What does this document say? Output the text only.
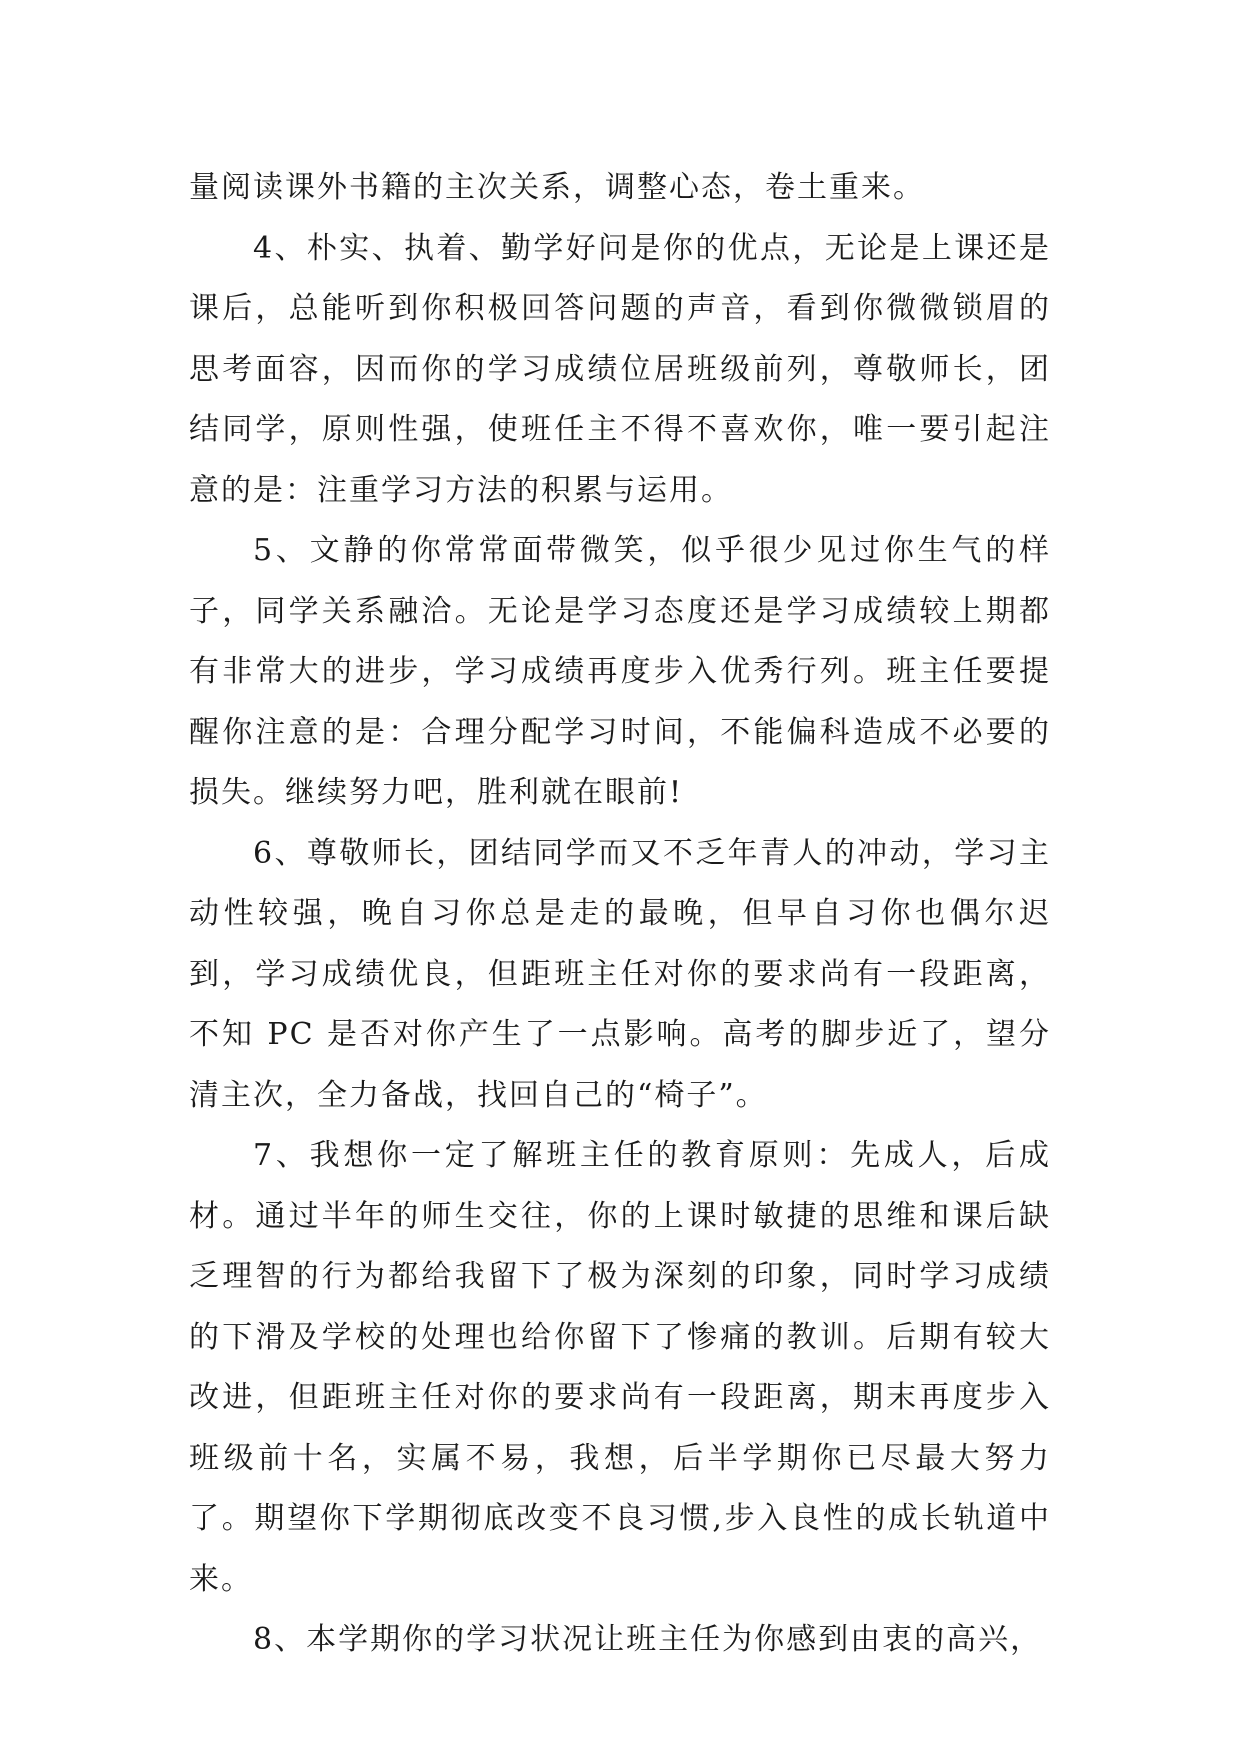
量阅读课外书籍的主次关系，调整心态，卷土重来。

4、朴实、执着、勤学好问是你的优点，无论是上课还是课后，总能听到你积极回答问题的声音，看到你微微锁眉的思考面容，因而你的学习成绩位居班级前列，尊敬师长，团结同学，原则性强，使班任主不得不喜欢你，唯一要引起注意的是：注重学习方法的积累与运用。

5、文静的你常常面带微笑，似乎很少见过你生气的样子，同学关系融洽。无论是学习态度还是学习成绩较上期都有非常大的进步，学习成绩再度步入优秀行列。班主任要提醒你注意的是：合理分配学习时间，不能偏科造成不必要的损失。继续努力吧，胜利就在眼前!

6、尊敬师长，团结同学而又不乏年青人的冲动，学习主动性较强，晚自习你总是走的最晚，但早自习你也偶尔迟到，学习成绩优良，但距班主任对你的要求尚有一段距离，不知 PC 是否对你产生了一点影响。高考的脚步近了，望分清主次，全力备战，找回自己的“椅子”。

7、我想你一定了解班主任的教育原则：先成人，后成材。通过半年的师生交往，你的上课时敏捷的思维和课后缺乏理智的行为都给我留下了极为深刻的印象，同时学习成绩的下滑及学校的处理也给你留下了惨痛的教训。后期有较大改进，但距班主任对你的要求尚有一段距离，期末再度步入班级前十名，实属不易，我想，后半学期你已尽最大努力了。期望你下学期彻底改变不良习惯,步入良性的成长轨道中来。

8、本学期你的学习状况让班主任为你感到由衷的高兴，
